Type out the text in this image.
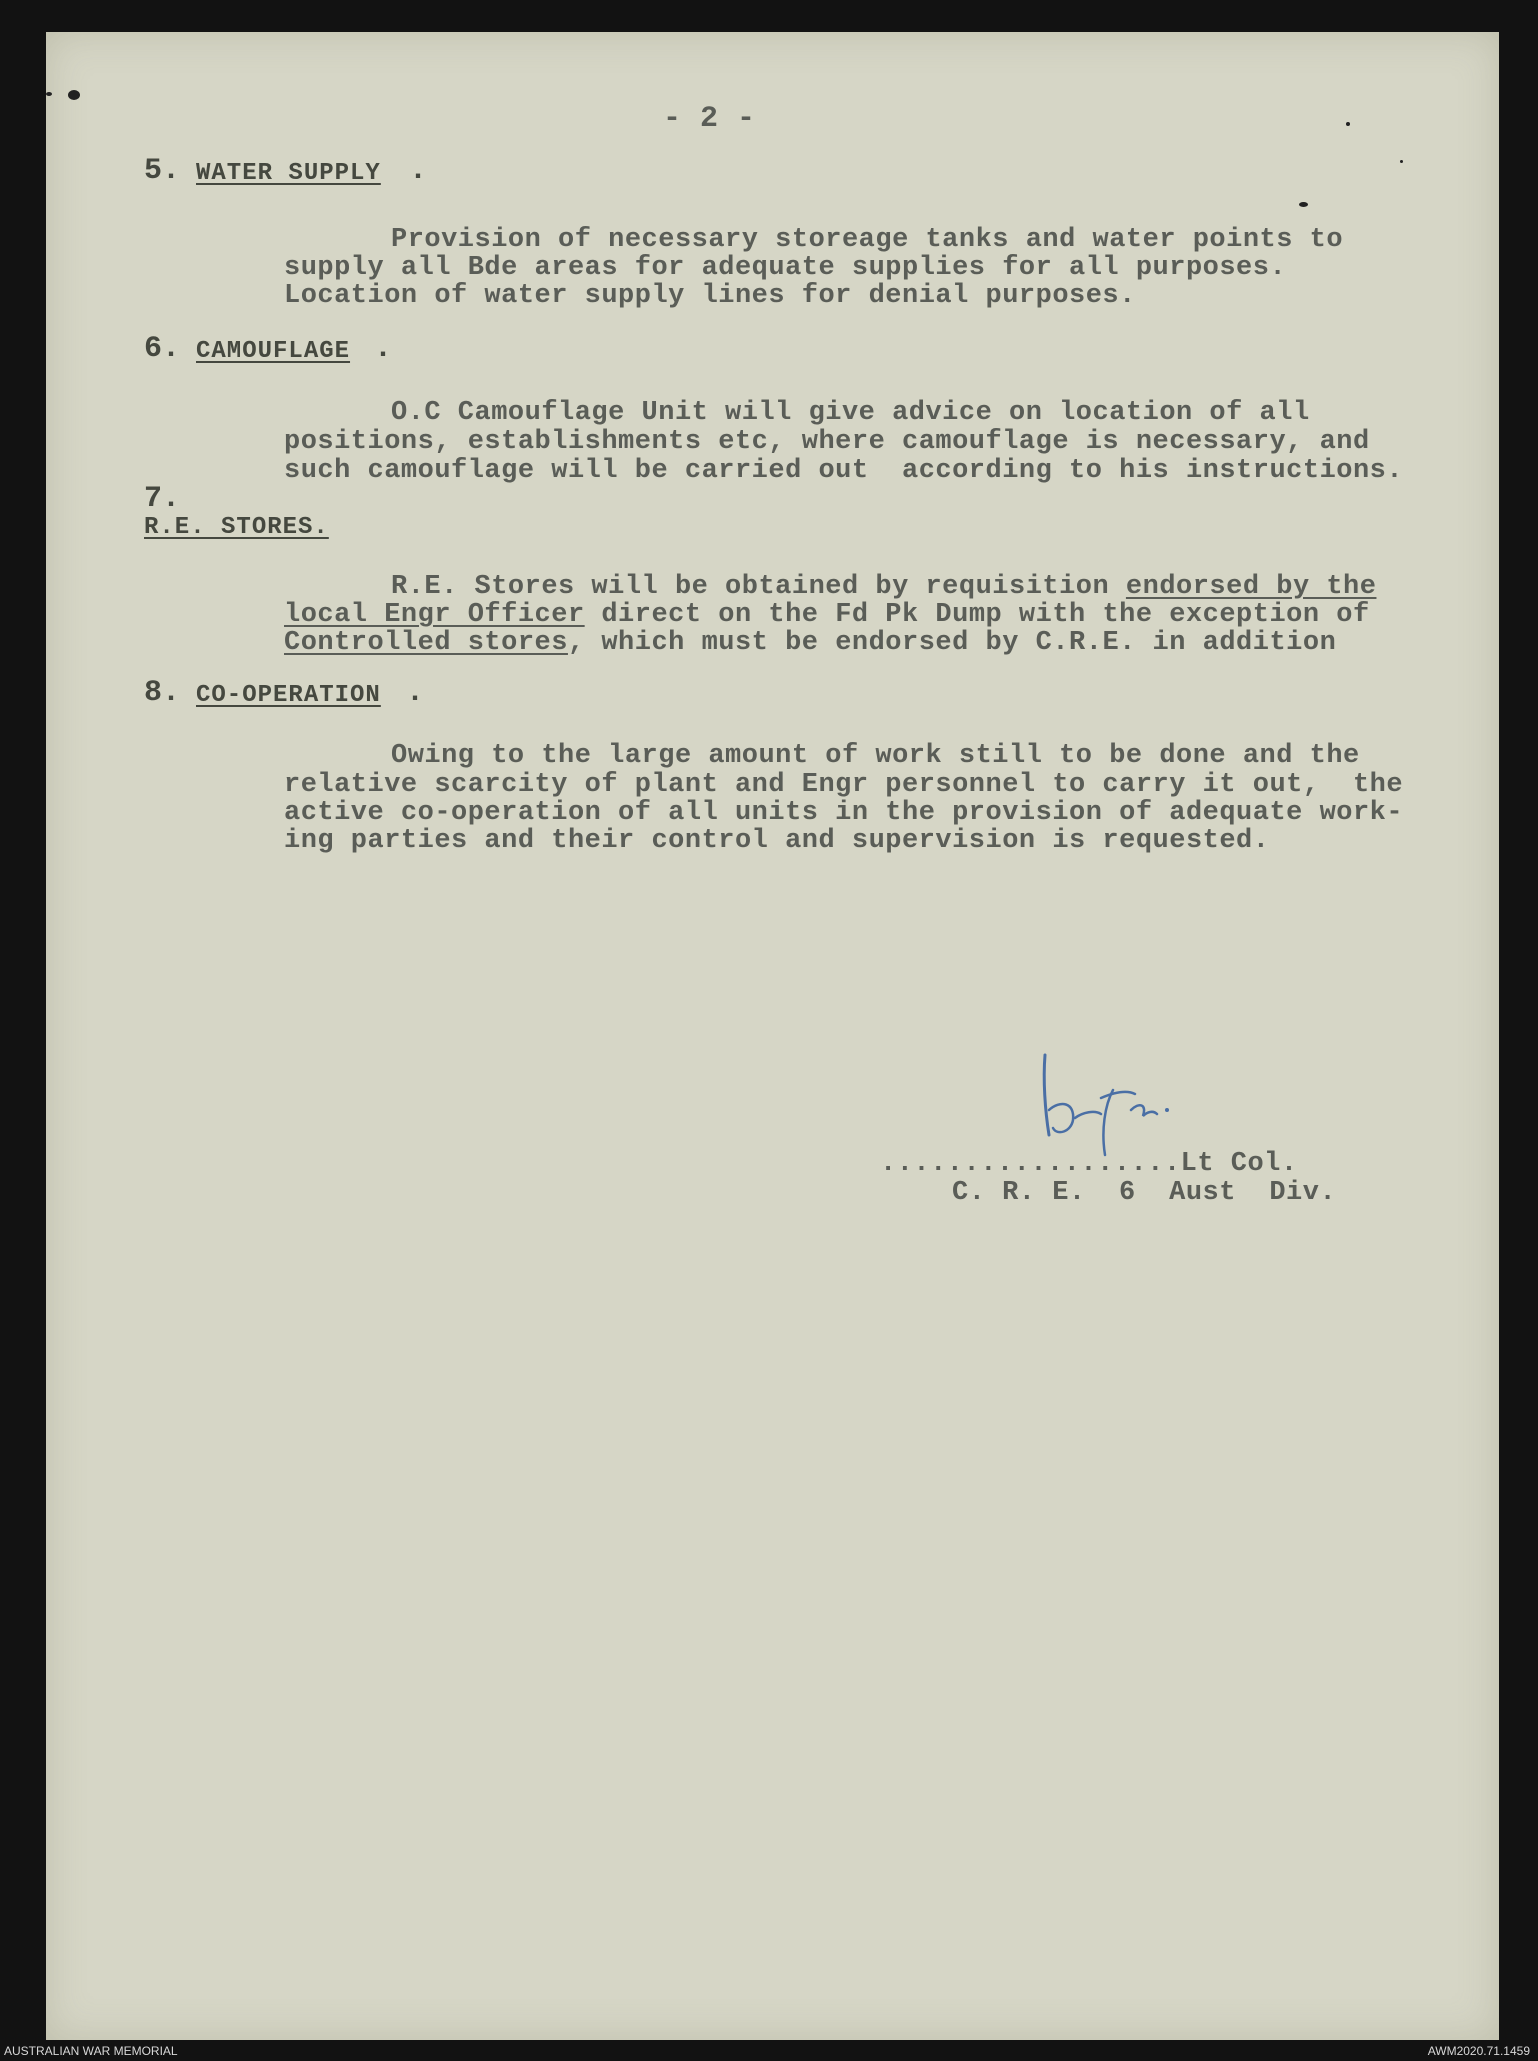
- 2 -
5. WATER SUPPLY .
Provision of necessary storeage tanks and water points to
supply all Bde areas for adequate supplies for all purposes.
Location of water supply lines for denial purposes.
6. CAMOUFLAGE .
O.C Camouflage Unit will give advice on location of all
positions, establishments etc, where camouflage is necessary, and
such camouflage will be carried out  according to his instructions.
7.
R.E. STORES.
R.E. Stores will be obtained by requisition endorsed by the
local Engr Officer direct on the Fd Pk Dump with the exception of
Controlled stores, which must be endorsed by C.R.E. in addition
8. CO-OPERATION .
Owing to the large amount of work still to be done and the
relative scarcity of plant and Engr personnel to carry it out,  the
active co-operation of all units in the provision of adequate work-
ing parties and their control and supervision is requested.
..................Lt Col.
C. R. E.  6  Aust  Div.
AUSTRALIAN WAR MEMORIAL	AWM2020.71.1459
